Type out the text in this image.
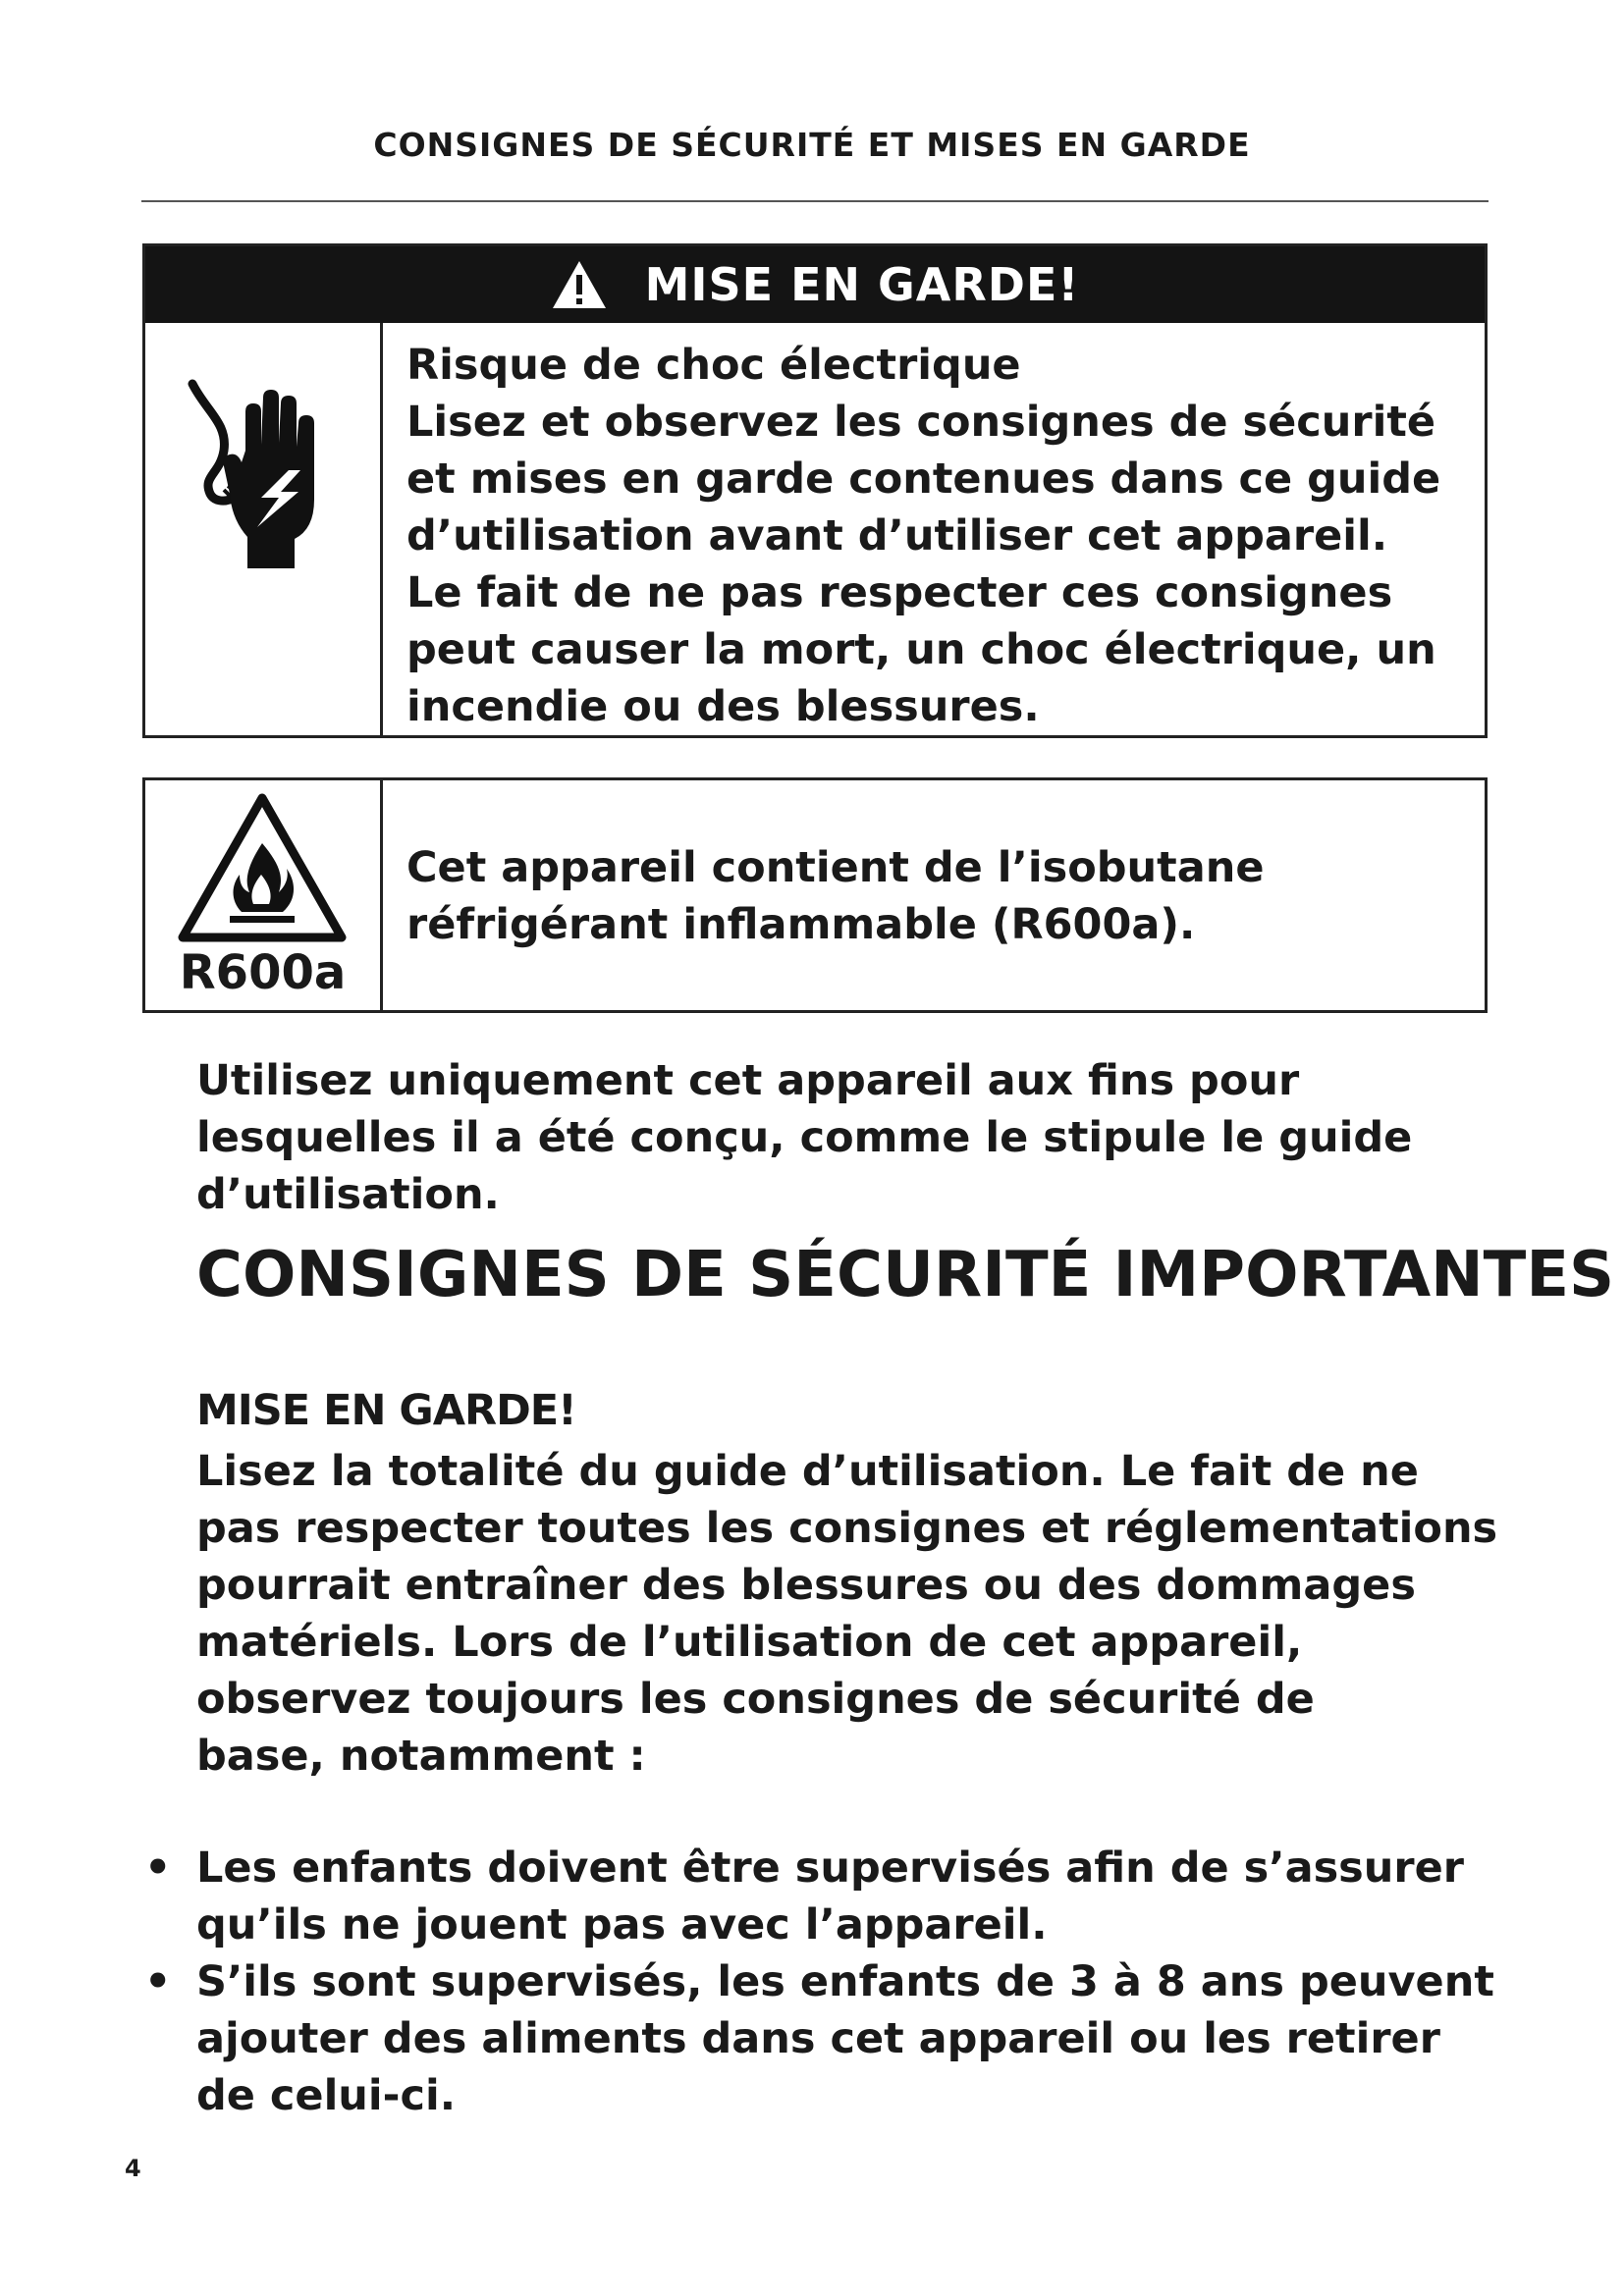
CONSIGNES DE SÉCURITÉ ET MISES EN GARDE
MISE EN GARDE!
Risque de choc électrique
Lisez et observez les consignes de sécurité
et mises en garde contenues dans ce guide
d’utilisation avant d’utiliser cet appareil.
Le fait de ne pas respecter ces consignes
peut causer la mort, un choc électrique, un
incendie ou des blessures.
R600a
Cet appareil contient de l’isobutane
réfrigérant inflammable (R600a).
Utilisez uniquement cet appareil aux fins pour
lesquelles il a été conçu, comme le stipule le guide
d’utilisation.
CONSIGNES DE SÉCURITÉ IMPORTANTES
MISE EN GARDE!
Lisez la totalité du guide d’utilisation. Le fait de ne
pas respecter toutes les consignes et réglementations
pourrait entraîner des blessures ou des dommages
matériels. Lors de l’utilisation de cet appareil,
observez toujours les consignes de sécurité de
base, notamment :
• Les enfants doivent être supervisés afin de s’assurer
qu’ils ne jouent pas avec l’appareil.
• S’ils sont supervisés, les enfants de 3 à 8 ans peuvent
ajouter des aliments dans cet appareil ou les retirer
de celui-ci.
4
